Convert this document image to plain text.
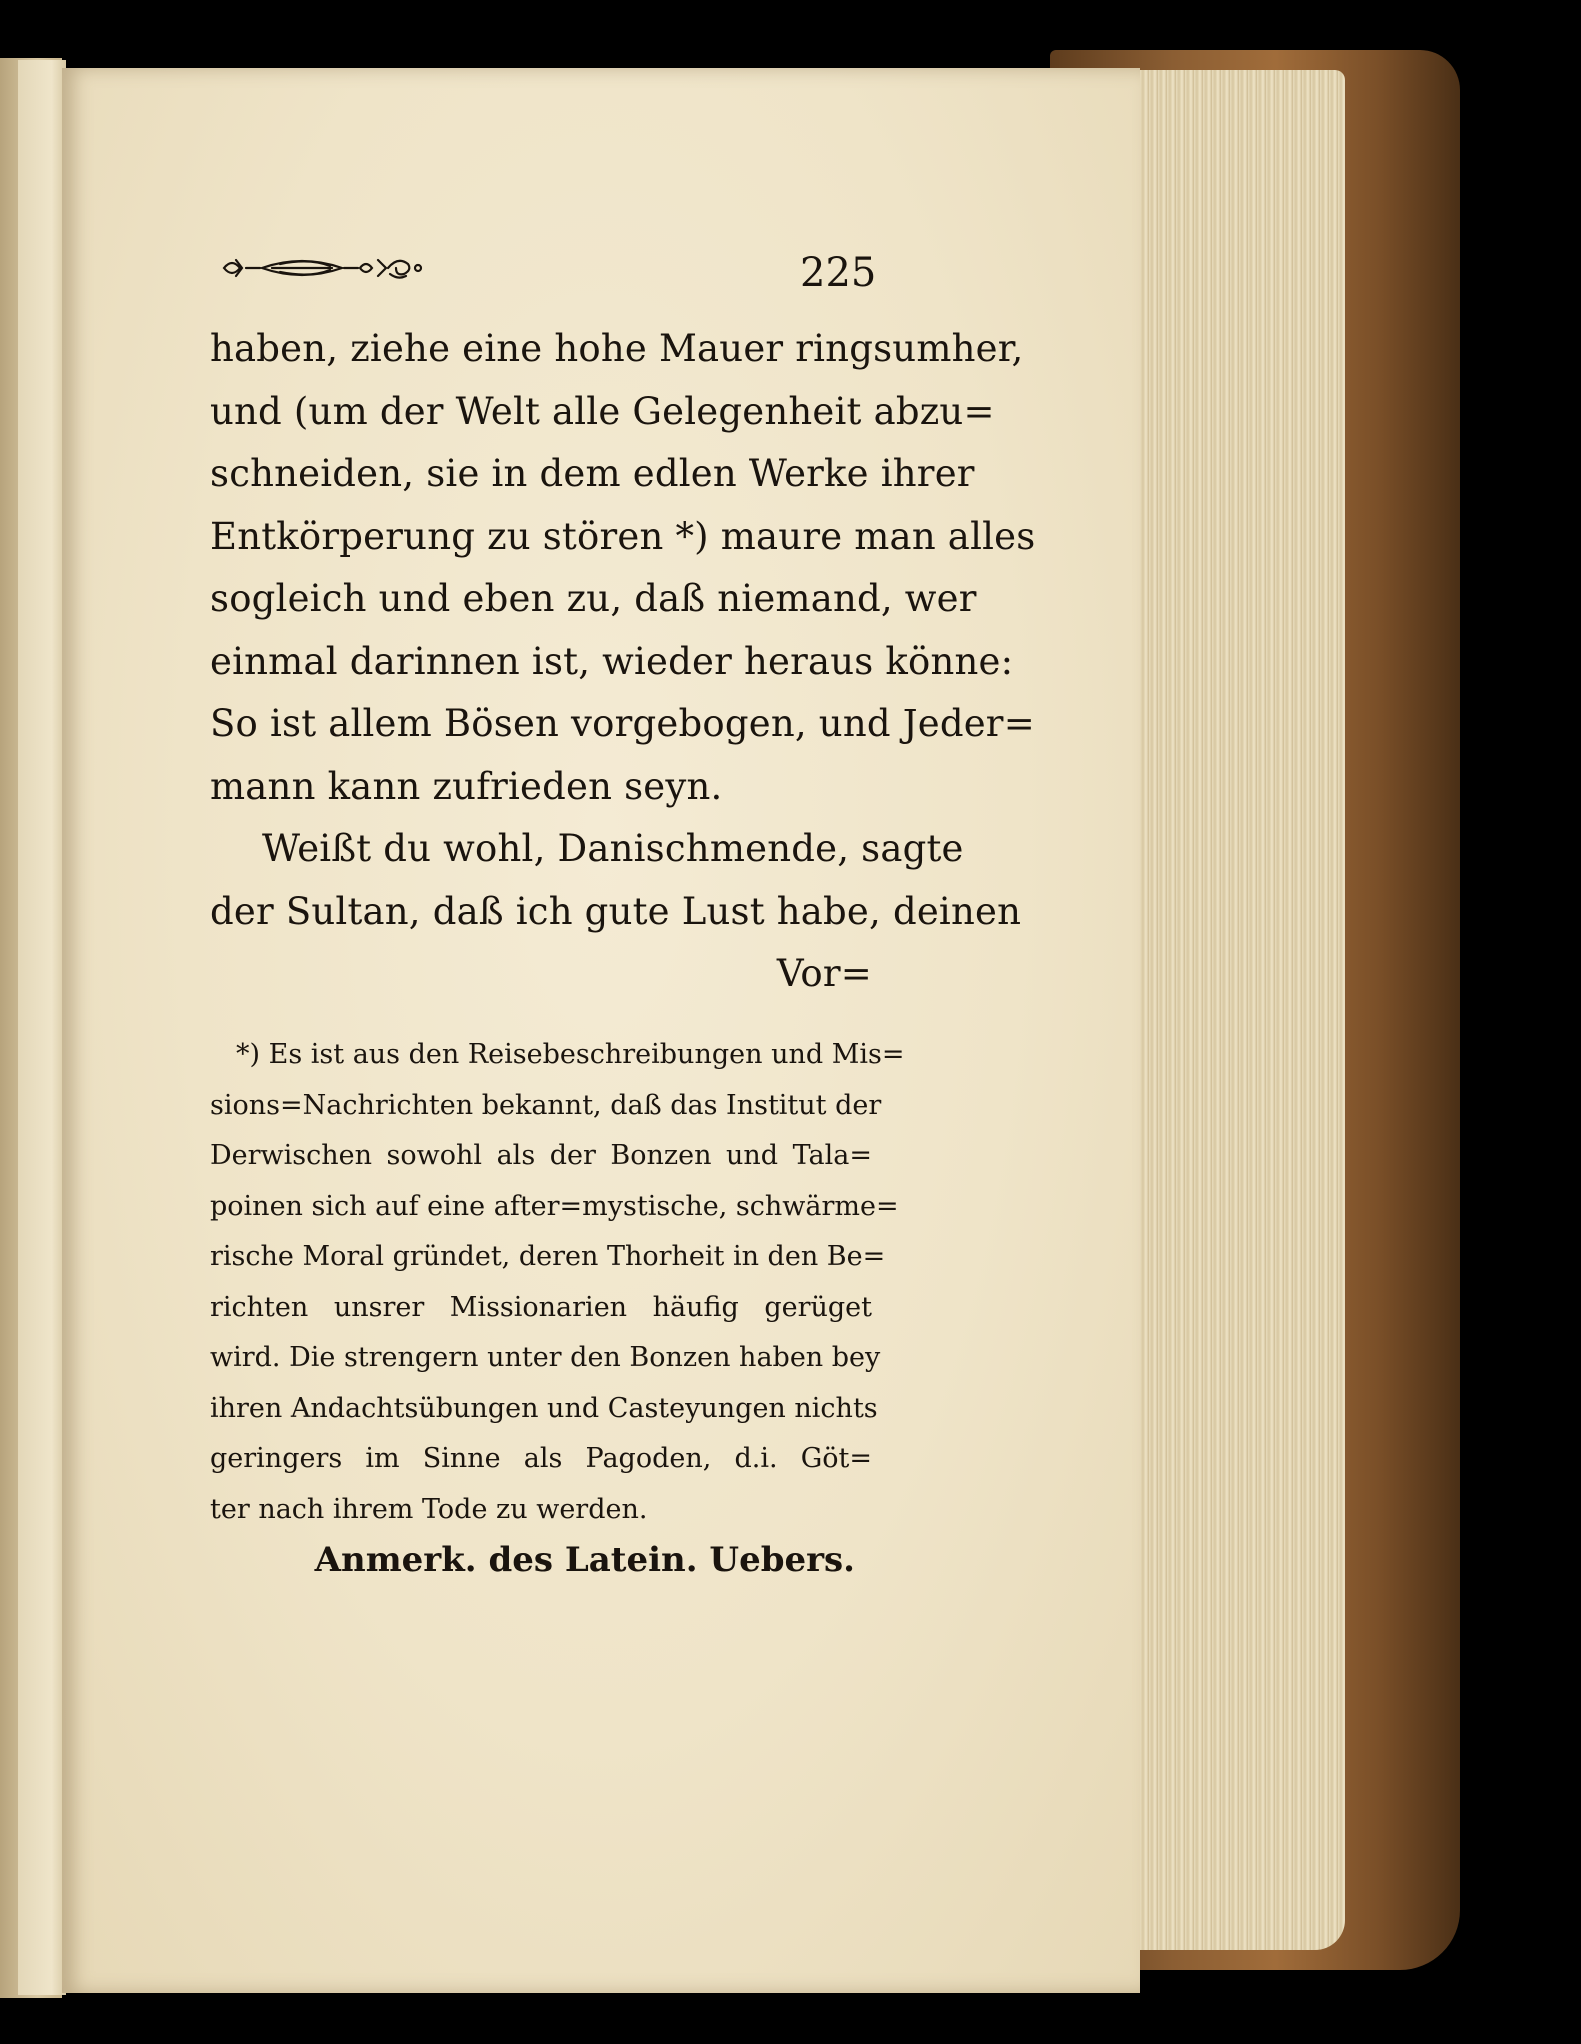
225
haben, ziehe eine hohe Mauer ringsumher,
und (um der Welt alle Gelegenheit abzu=
schneiden, sie in dem edlen Werke ihrer
Entkörperung zu stören *) maure man alles
sogleich und eben zu, daß niemand, wer
einmal darinnen ist, wieder heraus könne:
So ist allem Bösen vorgebogen, und Jeder=
mann kann zufrieden seyn.
Weißt du wohl, Danischmende, sagte
der Sultan, daß ich gute Lust habe, deinen
Vor=
*) Es ist aus den Reisebeschreibungen und Mis=
sions=Nachrichten bekannt, daß das Institut der
Derwischen sowohl als der Bonzen und Tala=
poinen sich auf eine after=mystische, schwärme=
rische Moral gründet, deren Thorheit in den Be=
richten unsrer Missionarien häufig gerüget
wird. Die strengern unter den Bonzen haben bey
ihren Andachtsübungen und Casteyungen nichts
geringers im Sinne als Pagoden, d.i. Göt=
ter nach ihrem Tode zu werden.
Anmerk. des Latein. Uebers.
